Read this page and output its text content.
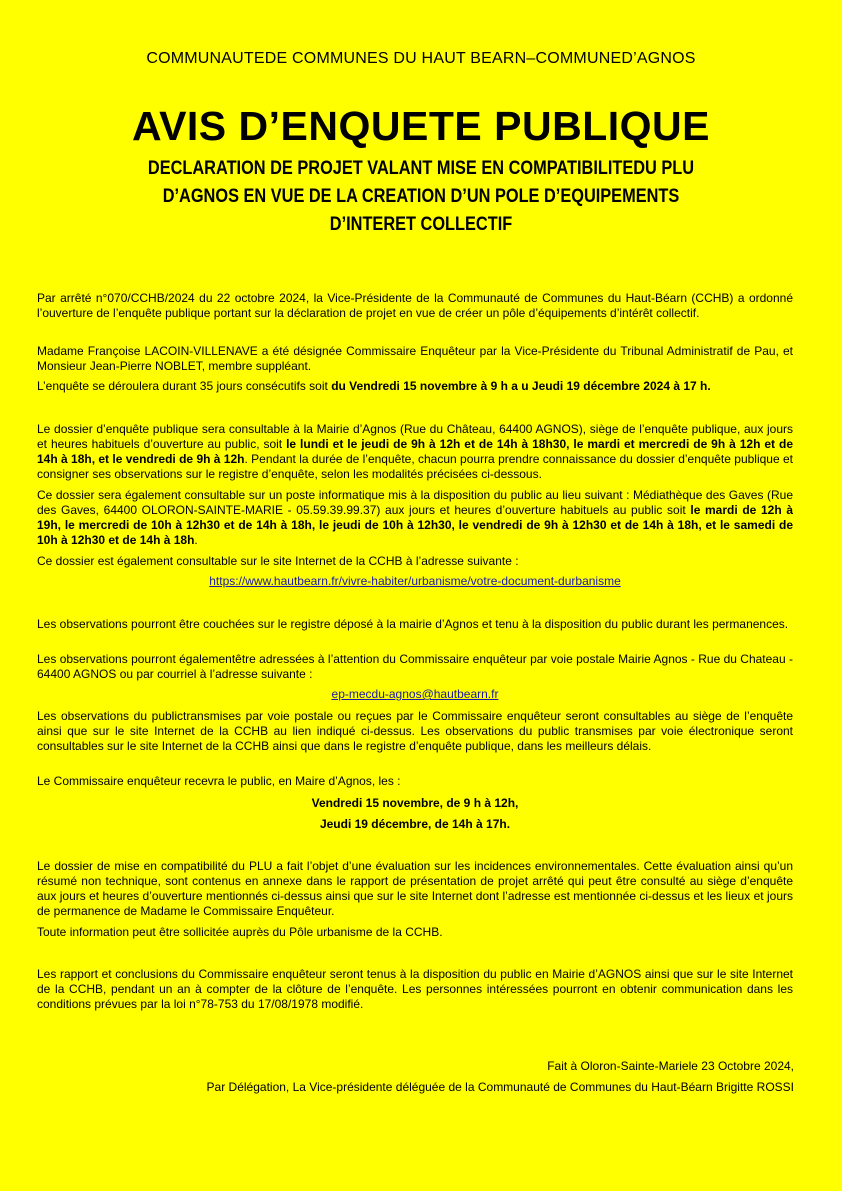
COMMUNAUTEDE COMMUNES DU HAUT BEARN–COMMUNED’AGNOS
AVIS D’ENQUETE PUBLIQUE
DECLARATION DE PROJET VALANT MISE EN COMPATIBILITEDU PLU
D’AGNOS EN VUE DE LA CREATION D’UN POLE D’EQUIPEMENTS
D’INTERET COLLECTIF

Par arrêté n°070/CCHB/2024 du 22 octobre 2024, la Vice-Présidente de la Communauté de Communes du Haut-Béarn (CCHB) a ordonné l’ouverture de l’enquête publique portant sur la déclaration de projet en vue de créer un pôle d’équipements d’intérêt collectif.

Madame Françoise LACOIN-VILLENAVE a été désignée Commissaire Enquêteur par la Vice-Présidente du Tribunal Administratif de Pau, et Monsieur Jean-Pierre NOBLET, membre suppléant.

L’enquête se déroulera durant 35 jours consécutifs soit du Vendredi 15 novembre à 9 h a u Jeudi 19 décembre 2024 à 17 h.

Le dossier d’enquête publique sera consultable à la Mairie d’Agnos (Rue du Château, 64400 AGNOS), siège de l’enquête publique, aux jours et heures habituels d’ouverture au public, soit le lundi et le jeudi de 9h à 12h et de 14h à 18h30, le mardi et mercredi de 9h à 12h et de 14h à 18h, et le vendredi de 9h à 12h. Pendant la durée de l’enquête, chacun pourra prendre connaissance du dossier d’enquête publique et consigner ses observations sur le registre d’enquête, selon les modalités précisées ci-dessous.

Ce dossier sera également consultable sur un poste informatique mis à la disposition du public au lieu suivant : Médiathèque des Gaves (Rue des Gaves, 64400 OLORON-SAINTE-MARIE - 05.59.39.99.37) aux jours et heures d’ouverture habituels au public soit le mardi de 12h à 19h, le mercredi de 10h à 12h30 et de 14h à 18h, le jeudi de 10h à 12h30, le vendredi de 9h à 12h30 et de 14h à 18h, et le samedi de 10h à 12h30 et de 14h à 18h.

Ce dossier est également consultable sur le site Internet de la CCHB à l’adresse suivante :

https://www.hautbearn.fr/vivre-habiter/urbanisme/votre-document-durbanisme

Les observations pourront être couchées sur le registre déposé à la mairie d’Agnos et tenu à la disposition du public durant les permanences.

Les observations pourront égalementêtre adressées à l’attention du Commissaire enquêteur par voie postale Mairie Agnos - Rue du Chateau - 64400 AGNOS ou par courriel à l’adresse suivante :

ep-mecdu-agnos@hautbearn.fr

Les observations du publictransmises par voie postale ou reçues par le Commissaire enquêteur seront consultables au siège de l’enquête ainsi que sur le site Internet de la CCHB au lien indiqué ci-dessus. Les observations du public transmises par voie électronique seront consultables sur le site Internet de la CCHB ainsi que dans le registre d’enquête publique, dans les meilleurs délais.

Le Commissaire enquêteur recevra le public, en Maire d’Agnos, les :

Vendredi 15 novembre, de 9 h à 12h,

Jeudi 19 décembre, de 14h à 17h.

Le dossier de mise en compatibilité du PLU a fait l’objet d’une évaluation sur les incidences environnementales. Cette évaluation ainsi qu’un résumé non technique, sont contenus en annexe dans le rapport de présentation de projet arrêté qui peut être consulté au siège d’enquête aux jours et heures d’ouverture mentionnés ci-dessus ainsi que sur le site Internet dont l’adresse est mentionnée ci-dessus et les lieux et jours de permanence de Madame le Commissaire Enquêteur.

Toute information peut être sollicitée auprès du Pôle urbanisme de la CCHB.

Les rapport et conclusions du Commissaire enquêteur seront tenus à la disposition du public en Mairie d’AGNOS ainsi que sur le site Internet de la CCHB, pendant un an à compter de la clôture de l’enquête. Les personnes intéressées pourront en obtenir communication dans les conditions prévues par la loi n°78-753 du 17/08/1978 modifié.

Fait à Oloron-Sainte-Mariele 23 Octobre 2024,
Par Délégation, La Vice-présidente déléguée de la Communauté de Communes du Haut-Béarn Brigitte ROSSI
